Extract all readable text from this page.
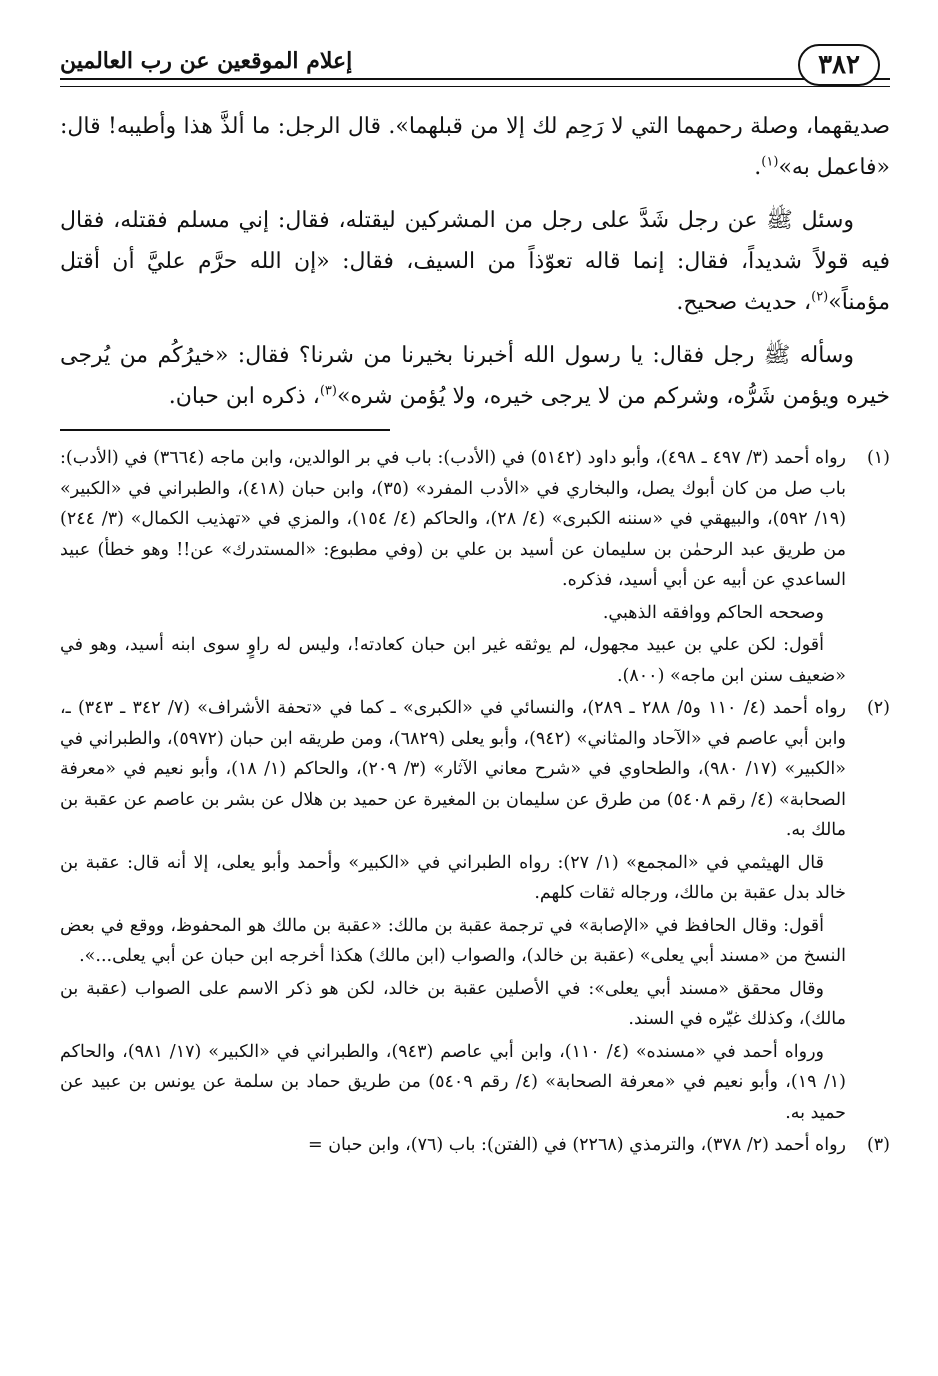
٣٨٢
إعلام الموقعين عن رب العالمين

صديقهما، وصلة رحمهما التي لا رَحِم لك إلا من قبلهما». قال الرجل: ما ألذَّ هذا وأطيبه! قال: «فاعمل به»$^{(١)}$.

وسئل ﷺ عن رجل شَدَّ على رجل من المشركين ليقتله، فقال: إني مسلم فقتله، فقال فيه قولاً شديداً، فقال: إنما قاله تعوّذاً من السيف، فقال: «إن الله حرَّم عليَّ أن أقتل مؤمناً»$^{(٢)}$، حديث صحيح.

وسأله ﷺ رجل فقال: يا رسول الله أخبرنا بخيرنا من شرنا؟ فقال: «خيرُكُم من يُرجى خيره ويؤمن شَرُّه، وشركم من لا يرجى خيره، ولا يُؤمن شره»$^{(٣)}$، ذكره ابن حبان.

(١)

رواه أحمد (٣/ ٤٩٧ ـ ٤٩٨)، وأبو داود (٥١٤٢) في (الأدب): باب في بر الوالدين، وابن ماجه (٣٦٦٤) في (الأدب): باب صل من كان أبوك يصل، والبخاري في «الأدب المفرد» (٣٥)، وابن حبان (٤١٨)، والطبراني في «الكبير» (١٩/ ٥٩٢)، والبيهقي في «سننه الكبرى» (٤/ ٢٨)، والحاكم (٤/ ١٥٤)، والمزي في «تهذيب الكمال» (٣/ ٢٤٤) من طريق عبد الرحمٰن بن سليمان عن أسيد بن علي بن (وفي مطبوع: «المستدرك» عن!! وهو خطأ) عبيد الساعدي عن أبيه عن أبي أسيد، فذكره.

وصححه الحاكم ووافقه الذهبي.

أقول: لكن علي بن عبيد مجهول، لم يوثقه غير ابن حبان كعادته!، وليس له راوٍ سوى ابنه أسيد، وهو في «ضعيف سنن ابن ماجه» (٨٠٠).

(٢)

رواه أحمد (٤/ ١١٠ و٥/ ٢٨٨ ـ ٢٨٩)، والنسائي في «الكبرى» ـ كما في «تحفة الأشراف» (٧/ ٣٤٢ ـ ٣٤٣) ـ، وابن أبي عاصم في «الآحاد والمثاني» (٩٤٢)، وأبو يعلى (٦٨٢٩)، ومن طريقه ابن حبان (٥٩٧٢)، والطبراني في «الكبير» (١٧/ ٩٨٠)، والطحاوي في «شرح معاني الآثار» (٣/ ٢٠٩)، والحاكم (١/ ١٨)، وأبو نعيم في «معرفة الصحابة» (٤/ رقم ٥٤٠٨) من طرق عن سليمان بن المغيرة عن حميد بن هلال عن بشر بن عاصم عن عقبة بن مالك به.

قال الهيثمي في «المجمع» (١/ ٢٧): رواه الطبراني في «الكبير» وأحمد وأبو يعلى، إلا أنه قال: عقبة بن خالد بدل عقبة بن مالك، ورجاله ثقات كلهم.

أقول: وقال الحافظ في «الإصابة» في ترجمة عقبة بن مالك: «عقبة بن مالك هو المحفوظ، ووقع في بعض النسخ من «مسند أبي يعلى» (عقبة بن خالد)، والصواب (ابن مالك) هكذا أخرجه ابن حبان عن أبي يعلى...».

وقال محقق «مسند أبي يعلى»: في الأصلين عقبة بن خالد، لكن هو ذكر الاسم على الصواب (عقبة بن مالك)، وكذلك غيّره في السند.

ورواه أحمد في «مسنده» (٤/ ١١٠)، وابن أبي عاصم (٩٤٣)، والطبراني في «الكبير» (١٧/ ٩٨١)، والحاكم (١/ ١٩)، وأبو نعيم في «معرفة الصحابة» (٤/ رقم ٥٤٠٩) من طريق حماد بن سلمة عن يونس بن عبيد عن حميد به.

(٣)

رواه أحمد (٢/ ٣٧٨)، والترمذي (٢٢٦٨) في (الفتن): باب (٧٦)، وابن حبان =
